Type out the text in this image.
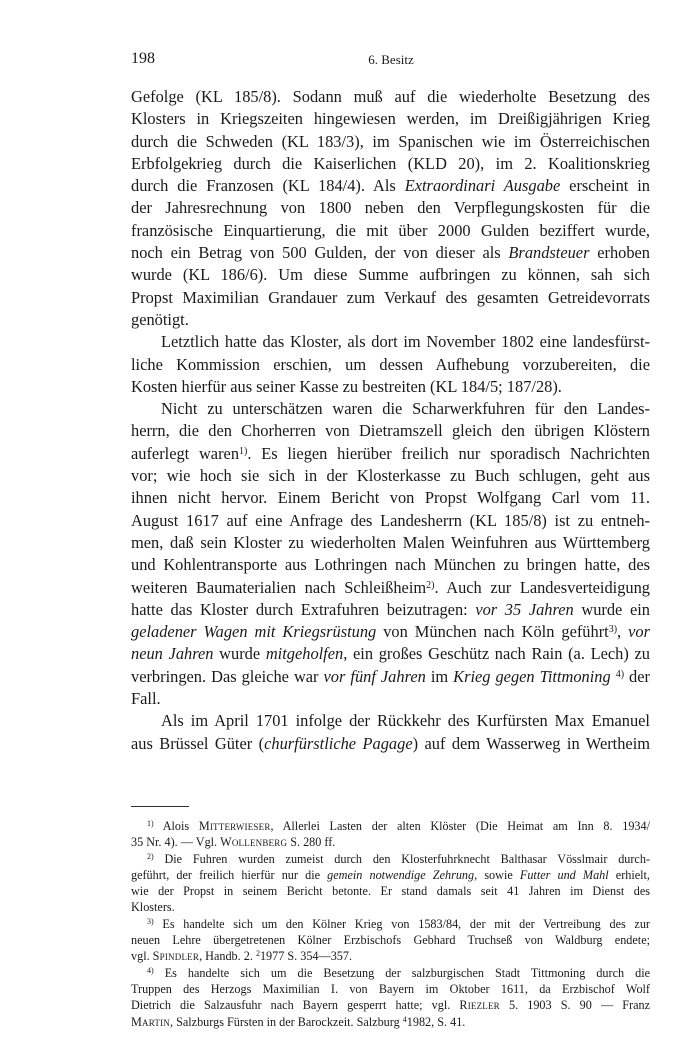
198	6. Besitz

Gefolge (KL 185/8). Sodann muß auf die wiederholte Besetzung des
Klosters in Kriegszeiten hingewiesen werden, im Dreißigjährigen Krieg
durch die Schweden (KL 183/3), im Spanischen wie im Österreichischen
Erbfolgekrieg durch die Kaiserlichen (KLD 20), im 2. Koalitionskrieg
durch die Franzosen (KL 184/4). Als Extraordinari Ausgabe erscheint in
der Jahresrechnung von 1800 neben den Verpflegungskosten für die
französische Einquartierung, die mit über 2000 Gulden beziffert wurde,
noch ein Betrag von 500 Gulden, der von dieser als Brandsteuer erhoben
wurde (KL 186/6). Um diese Summe aufbringen zu können, sah sich
Propst Maximilian Grandauer zum Verkauf des gesamten Getreidevorrats
genötigt.

Letztlich hatte das Kloster, als dort im November 1802 eine landesfürst-
liche Kommission erschien, um dessen Aufhebung vorzubereiten, die
Kosten hierfür aus seiner Kasse zu bestreiten (KL 184/5; 187/28).

Nicht zu unterschätzen waren die Scharwerkfuhren für den Landes-
herrn, die den Chorherren von Dietramszell gleich den übrigen Klöstern
auferlegt waren$^{1)}$. Es liegen hierüber freilich nur sporadisch Nachrichten
vor; wie hoch sie sich in der Klosterkasse zu Buch schlugen, geht aus
ihnen nicht hervor. Einem Bericht von Propst Wolfgang Carl vom 11.
August 1617 auf eine Anfrage des Landesherrn (KL 185/8) ist zu entneh-
men, daß sein Kloster zu wiederholten Malen Weinfuhren aus Württemberg
und Kohlentransporte aus Lothringen nach München zu bringen hatte, des
weiteren Baumaterialien nach Schleißheim$^{2)}$. Auch zur Landesverteidigung
hatte das Kloster durch Extrafuhren beizutragen: vor 35 Jahren wurde ein
geladener Wagen mit Kriegsrüstung von München nach Köln geführt$^{3)}$, vor
neun Jahren wurde mitgeholfen, ein großes Geschütz nach Rain (a. Lech) zu
verbringen. Das gleiche war vor fünf Jahren im Krieg gegen Tittmoning $^{4)}$ der
Fall.

Als im April 1701 infolge der Rückkehr des Kurfürsten Max Emanuel
aus Brüssel Güter (churfürstliche Pagage) auf dem Wasserweg in Wertheim

$^{1)}$ Alois Mitterwieser, Allerlei Lasten der alten Klöster (Die Heimat am Inn 8. 1934/
35 Nr. 4). — Vgl. Wollenberg S. 280 ff.

$^{2)}$ Die Fuhren wurden zumeist durch den Klosterfuhrknecht Balthasar Vösslmair durch-
geführt, der freilich hierfür nur die gemein notwendige Zehrung, sowie Futter und Mahl erhielt,
wie der Propst in seinem Bericht betonte. Er stand damals seit 41 Jahren im Dienst des
Klosters.

$^{3)}$ Es handelte sich um den Kölner Krieg von 1583/84, der mit der Vertreibung des zur
neuen Lehre übergetretenen Kölner Erzbischofs Gebhard Truchseß von Waldburg endete;
vgl. Spindler, Handb. 2. $^2$1977 S. 354—357.

$^{4)}$ Es handelte sich um die Besetzung der salzburgischen Stadt Tittmoning durch die
Truppen des Herzogs Maximilian I. von Bayern im Oktober 1611, da Erzbischof Wolf
Dietrich die Salzausfuhr nach Bayern gesperrt hatte; vgl. Riezler 5. 1903 S. 90 — Franz
Martin, Salzburgs Fürsten in der Barockzeit. Salzburg $^4$1982, S. 41.
